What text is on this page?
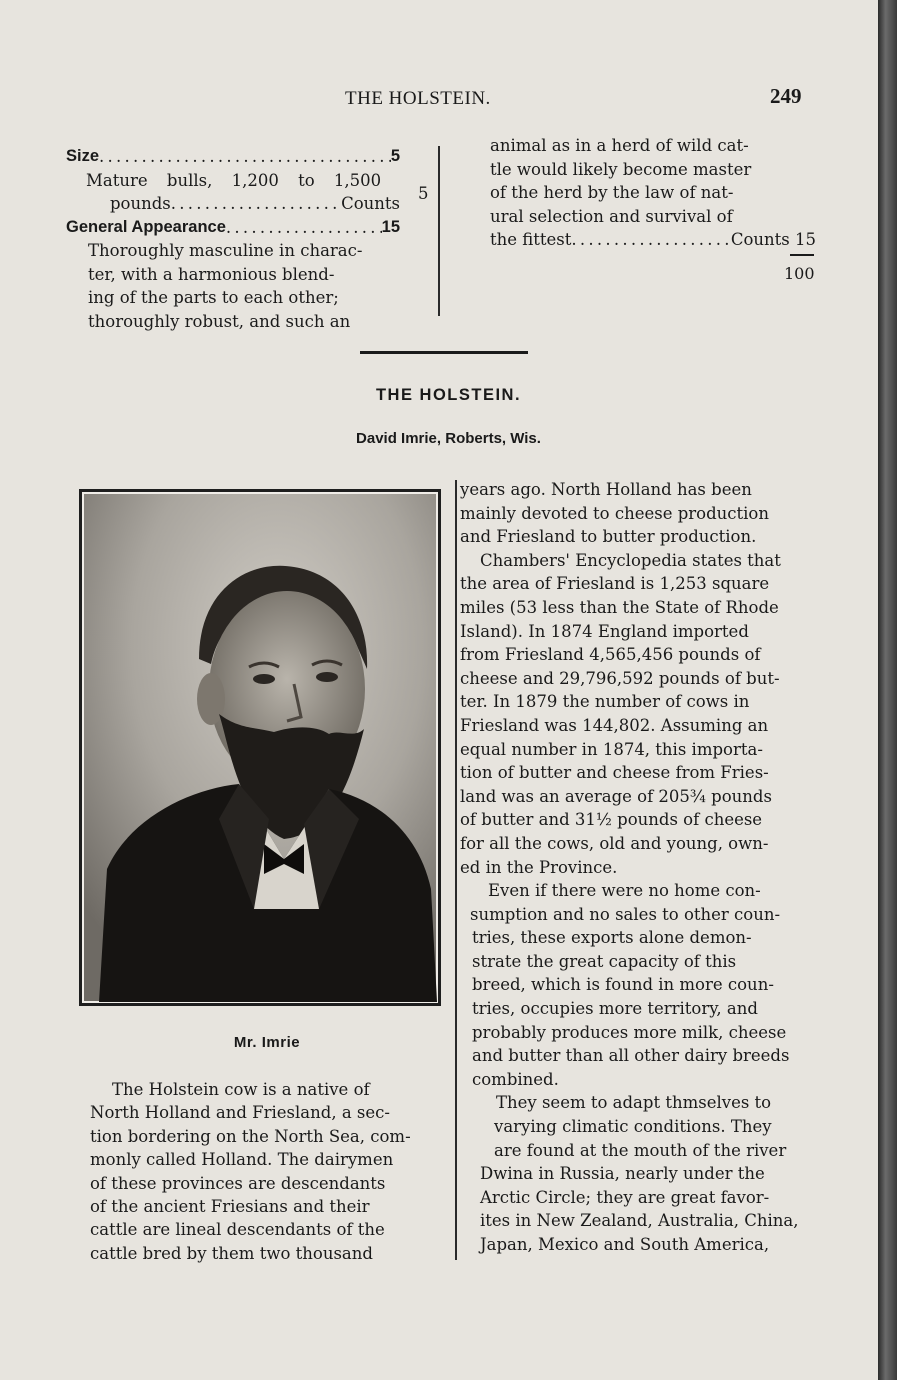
THE HOLSTEIN.	249
Size . . .	5
Mature bulls, 1,200 to 1,500
pounds . . .	Counts
General Appearance . . .	15
Thoroughly masculine in charac-
ter, with a harmonious blend-
ing of the parts to each other;
thoroughly robust, and such an
5
animal as in a herd of wild cat-
tle would likely become master
of the herd by the law of nat-
ural selection and survival of
the fittest . . .	Counts 15
100
THE HOLSTEIN.
David Imrie, Roberts, Wis.
Mr. Imrie
The Holstein cow is a native of
North Holland and Friesland, a sec-
tion bordering on the North Sea, com-
monly called Holland. The dairymen
of these provinces are descendants
of the ancient Friesians and their
cattle are lineal descendants of the
cattle bred by them two thousand
years ago. North Holland has been
mainly devoted to cheese production
and Friesland to butter production.
Chambers' Encyclopedia states that
the area of Friesland is 1,253 square
miles (53 less than the State of Rhode
Island). In 1874 England imported
from Friesland 4,565,456 pounds of
cheese and 29,796,592 pounds of but-
ter. In 1879 the number of cows in
Friesland was 144,802. Assuming an
equal number in 1874, this importa-
tion of butter and cheese from Fries-
land was an average of 205¾ pounds
of butter and 31½ pounds of cheese
for all the cows, old and young, own-
ed in the Province.
Even if there were no home con-
sumption and no sales to other coun-
tries, these exports alone demon-
strate the great capacity of this
breed, which is found in more coun-
tries, occupies more territory, and
probably produces more milk, cheese
and butter than all other dairy breeds
combined.
They seem to adapt thmselves to
varying climatic conditions. They
are found at the mouth of the river
Dwina in Russia, nearly under the
Arctic Circle; they are great favor-
ites in New Zealand, Australia, China,
Japan, Mexico and South America,
